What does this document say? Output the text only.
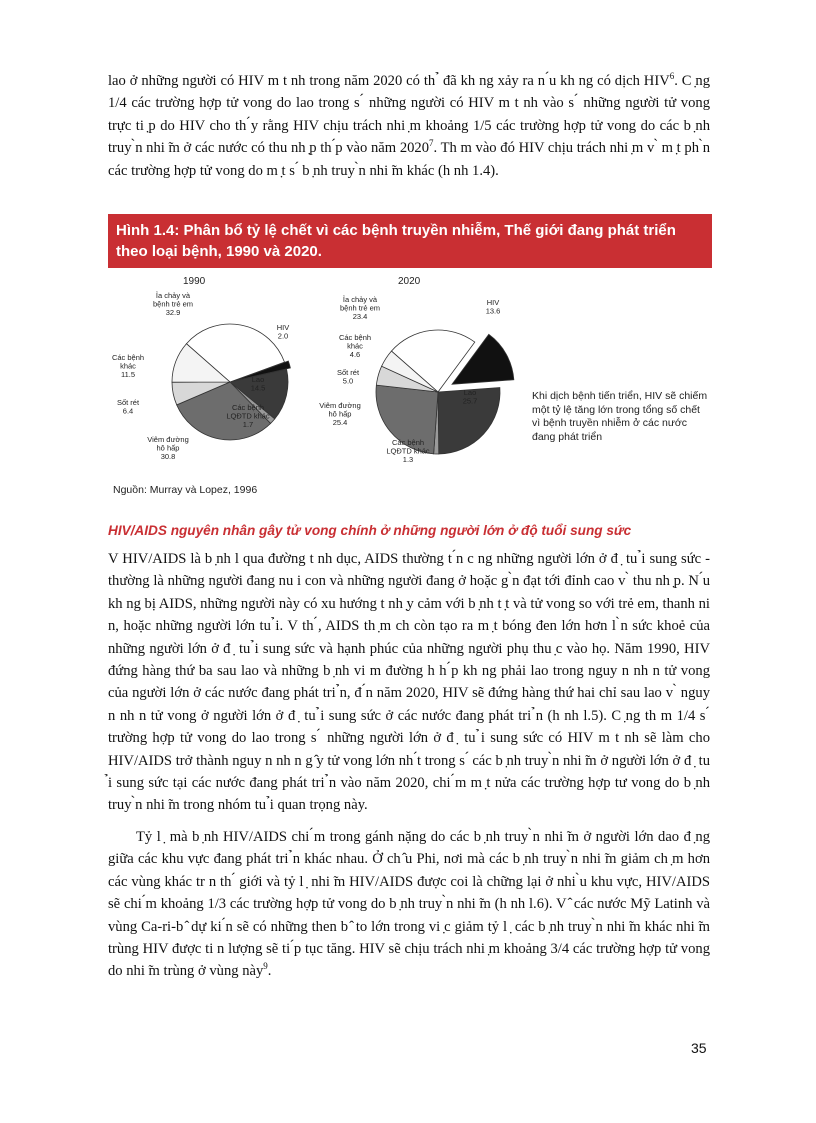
lao ở những người có HIV m t nh trong năm 2020 có th ̉ đã kh ng xảy ra n ́u kh ng có dịch HIV$^6$. C ̣ng 1/4 các trường hợp tử vong do lao trong s ́ những người có HIV m t nh vào s ́ những người tử vong trực ti ̣p do HIV cho th ́y rằng HIV chịu trách nhi ̣m khoảng 1/5 các trường hợp tử vong do các b ̣nh truy ̀n nhi ̃m ở các nước có thu nh ̣p th ́p vào năm 2020$^7$. Th m vào đó HIV chịu trách nhi ̣m v ̀ m ̣t ph ̀n các trường hợp tử vong do m ̣t s ́ b ̣nh truy ̀n nhi ̃m khác (h nh 1.4).

Hình 1.4: Phân bổ tỷ lệ chết vì các bệnh truyền nhiễm, Thế giới đang phát triển theo loại bệnh, 1990 và 2020.

1990
Ỉa chảy và bệnh trẻ em 32.9
HIV 2.0
Lao 14.5
Các bệnh LQĐTD khác 1.7
Viêm đường hô hấp 30.8
Sốt rét 6.4
Các bệnh khác 11.5
2020
Ỉa chảy và bệnh trẻ em 23.4
HIV 13.6
Lao 25.7
Các bệnh LQĐTD khác 1.3
Viêm đường hô hấp 25.4
Sốt rét 5.0
Các bệnh khác 4.6

Khi dịch bệnh tiến triển, HIV sẽ chiếm một tỷ lệ tăng lớn trong tổng số chết vì bệnh truyền nhiễm ở các nước đang phát triển

Nguồn: Murray và Lopez, 1996

HIV/AIDS nguyên nhân gây tử vong chính ở những người lớn ở độ tuổi sung sức

V HIV/AIDS là b ̣nh l qua đường t nh dục, AIDS thường t ́n c ng những người lớn ở đ ̣ tu ̉i sung sức - thường là những người đang nu i con và những người đang ở hoặc g ̀n đạt tới đỉnh cao v ̀ thu nh ̣p. N ́u kh ng bị AIDS, những người này có xu hướng t nh ̣y cảm với b ̣nh t ̣t và tử vong so với trẻ em, thanh ni n, hoặc những người lớn tu ̉i. V th ́, AIDS th ̣m ch còn tạo ra m ̣t bóng đen lớn hơn l ̀n sức khoẻ của những người lớn ở đ ̣ tu ̉i sung sức và hạnh phúc của những người phụ thu ̣c vào họ. Năm 1990, HIV đứng hàng thứ ba sau lao và những b ̣nh vi m đường h h ́p kh ng phải lao trong nguy n nh n tử vong của người lớn ở các nước đang phát tri ̉n, đ ́n năm 2020, HIV sẽ đứng hàng thứ hai chỉ sau lao v ̀ nguy n nh n tử vong ở người lớn ở đ ̣ tu ̉i sung sức ở các nước đang phát tri ̉n (h nh l.5). C ̣ng th m 1/4 s ́ trường hợp tử vong do lao trong s ́ những người lớn ở đ ̣ tu ̉i sung sức có HIV m t nh sẽ làm cho HIV/AIDS trở thành nguy n nh n g ̂y tử vong lớn nh ́t trong s ́ các b ̣nh truy ̀n nhi ̃m ở người lớn ở đ ̣ tu ̉i sung sức tại các nước đang phát tri ̉n vào năm 2020, chi ́m m ̣t nửa các trường hợp tư vong do b ̣nh truy ̀n nhi ̃m trong nhóm tu ̉i quan trọng này.

Tỷ l ̣ mà b ̣nh HIV/AIDS chi ́m trong gánh nặng do các b ̣nh truy ̀n nhi ̃m ở người lớn dao đ ̣ng giữa các khu vực đang phát tri ̉n khác nhau. Ở ch ̂u Phi, nơi mà các b ̣nh truy ̀n nhi ̃m giảm ch ̣m hơn các vùng khác tr n th ́ giới và tỷ l ̣ nhi ̃m HIV/AIDS được coi là chững lại ở nhi ̀u khu vực, HIV/AIDS sẽ chi ́m khoảng 1/3 các trường hợp tử vong do b ̣nh truy ̀n nhi ̃m (h nh l.6). V ̂ các nước Mỹ Latinh và vùng Ca-ri-b ̂ dự ki ́n sẽ có những then b ̂ to lớn trong vi ̣c giảm tỷ l ̣ các b ̣nh truy ̀n nhi ̃m khác nhi ̃m trùng HIV được ti n lượng sẽ ti ́p tục tăng. HIV sẽ chịu trách nhi ̣m khoảng 3/4 các trường hợp tử vong do nhi ̃m trùng ở vùng này$^9$.

35
